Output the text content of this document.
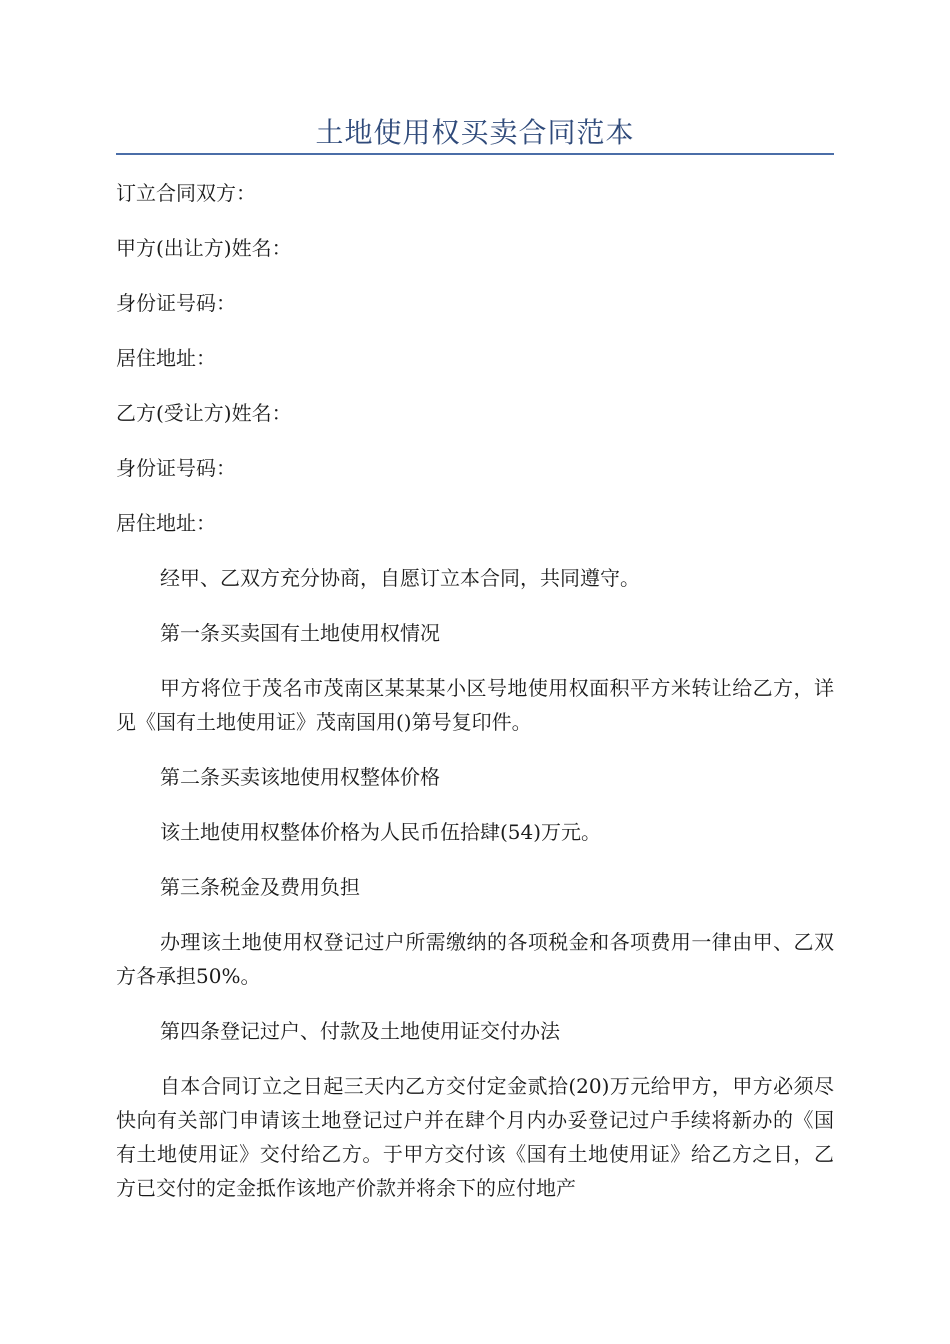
土地使用权买卖合同范本

订立合同双方：

甲方(出让方)姓名：

身份证号码：

居住地址：

乙方(受让方)姓名：

身份证号码：

居住地址：

经甲、乙双方充分协商，自愿订立本合同，共同遵守。

第一条买卖国有土地使用权情况

甲方将位于茂名市茂南区某某某小区号地使用权面积平方米转让给乙方，详见《国有土地使用证》茂南国用()第号复印件。

第二条买卖该地使用权整体价格

该土地使用权整体价格为人民币伍拾肆(54)万元。

第三条税金及费用负担

办理该土地使用权登记过户所需缴纳的各项税金和各项费用一律由甲、乙双方各承担50%。

第四条登记过户、付款及土地使用证交付办法

自本合同订立之日起三天内乙方交付定金贰拾(20)万元给甲方，甲方必须尽快向有关部门申请该土地登记过户并在肆个月内办妥登记过户手续将新办的《国有土地使用证》交付给乙方。于甲方交付该《国有土地使用证》给乙方之日，乙方已交付的定金抵作该地产价款并将余下的应付地产
